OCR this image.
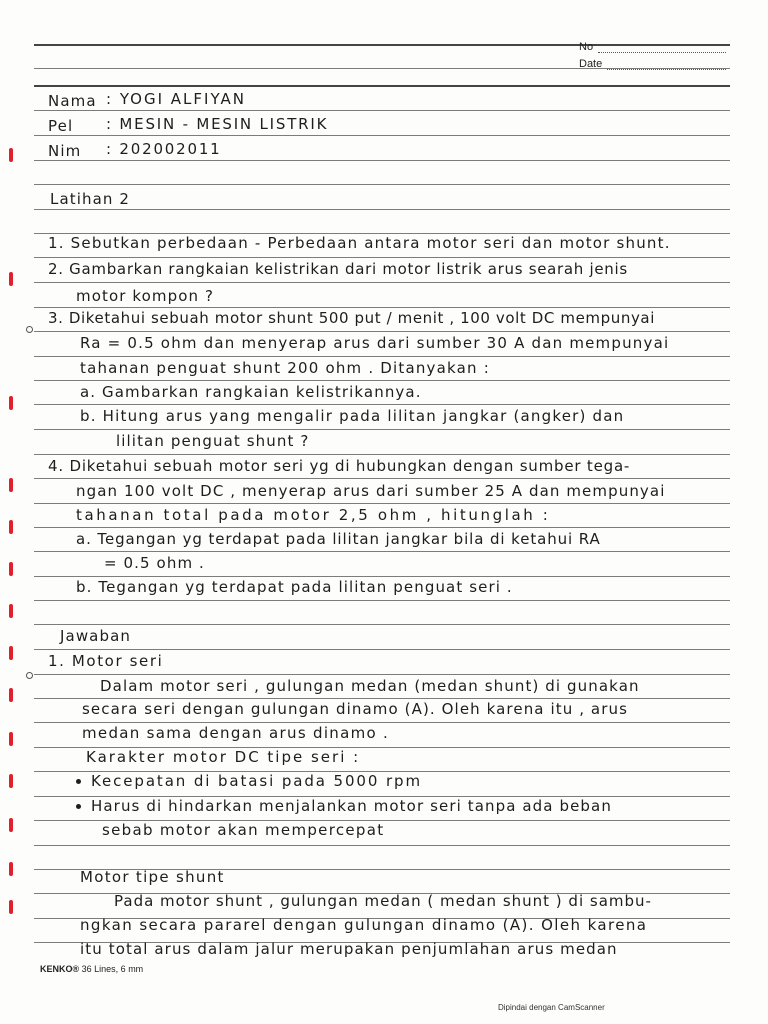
No
Date
Nama : YOGI ALFIYAN
Pel : MESIN - MESIN LISTRIK
Nim : 202002011
Latihan 2
1. Sebutkan perbedaan - Perbedaan antara motor seri dan motor shunt.
2. Gambarkan rangkaian kelistrikan dari motor listrik arus searah jenis
motor kompon ?
3. Diketahui sebuah motor shunt 500 put / menit , 100 volt DC mempunyai
Ra = 0.5 ohm dan menyerap arus dari sumber 30 A dan mempunyai
tahanan penguat shunt 200 ohm . Ditanyakan :
a. Gambarkan rangkaian kelistrikannya.
b. Hitung arus yang mengalir pada lilitan jangkar (angker) dan
lilitan penguat shunt ?
4. Diketahui sebuah motor seri yg di hubungkan dengan sumber tega-
ngan 100 volt DC , menyerap arus dari sumber 25 A dan mempunyai
tahanan total pada motor 2,5 ohm , hitunglah :
a. Tegangan yg terdapat pada lilitan jangkar bila di ketahui RA
= 0.5 ohm .
b. Tegangan yg terdapat pada lilitan penguat seri .
Jawaban
1. Motor seri
Dalam motor seri , gulungan medan (medan shunt) di gunakan
secara seri dengan gulungan dinamo (A). Oleh karena itu , arus
medan sama dengan arus dinamo .
Karakter motor DC tipe seri :
Kecepatan di batasi pada 5000 rpm
Harus di hindarkan menjalankan motor seri tanpa ada beban
sebab motor akan mempercepat
Motor tipe shunt
Pada motor shunt , gulungan medan ( medan shunt ) di sambu-
ngkan secara pararel dengan gulungan dinamo (A). Oleh karena
itu total arus dalam jalur merupakan penjumlahan arus medan
KENKO® 36 Lines, 6 mm
Dipindai dengan CamScanner
